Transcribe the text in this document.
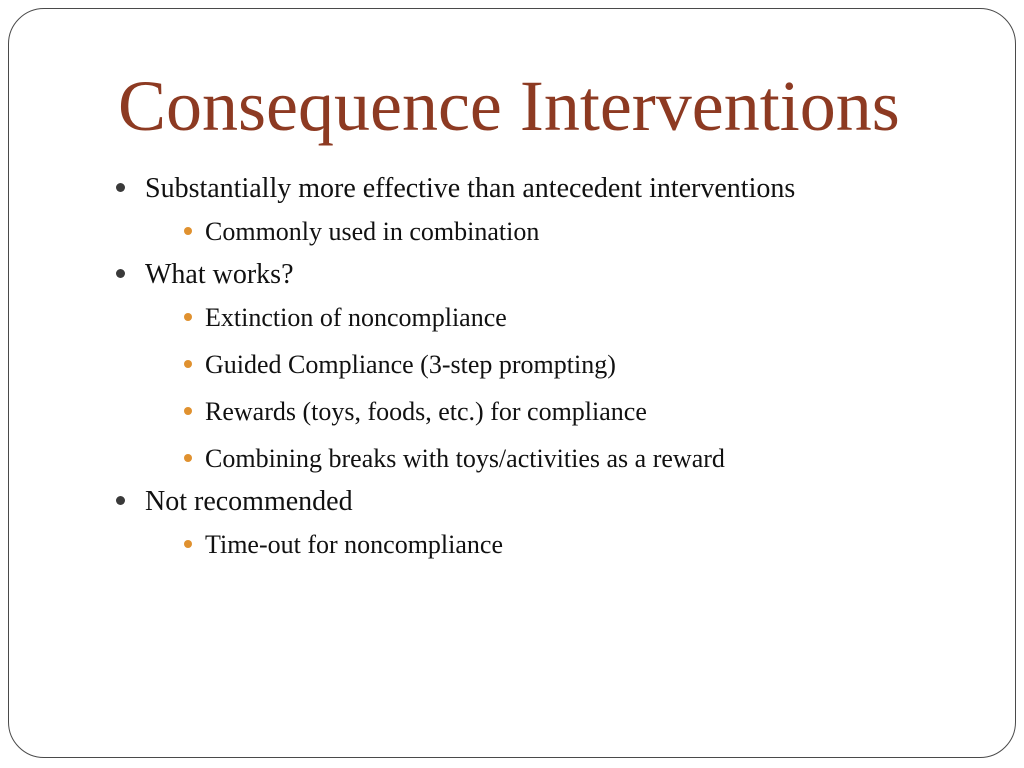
Consequence Interventions
Substantially more effective than antecedent interventions
Commonly used in combination
What works?
Extinction of noncompliance
Guided Compliance (3-step prompting)
Rewards (toys, foods, etc.) for compliance
Combining breaks with toys/activities as a reward
Not recommended
Time-out for noncompliance
